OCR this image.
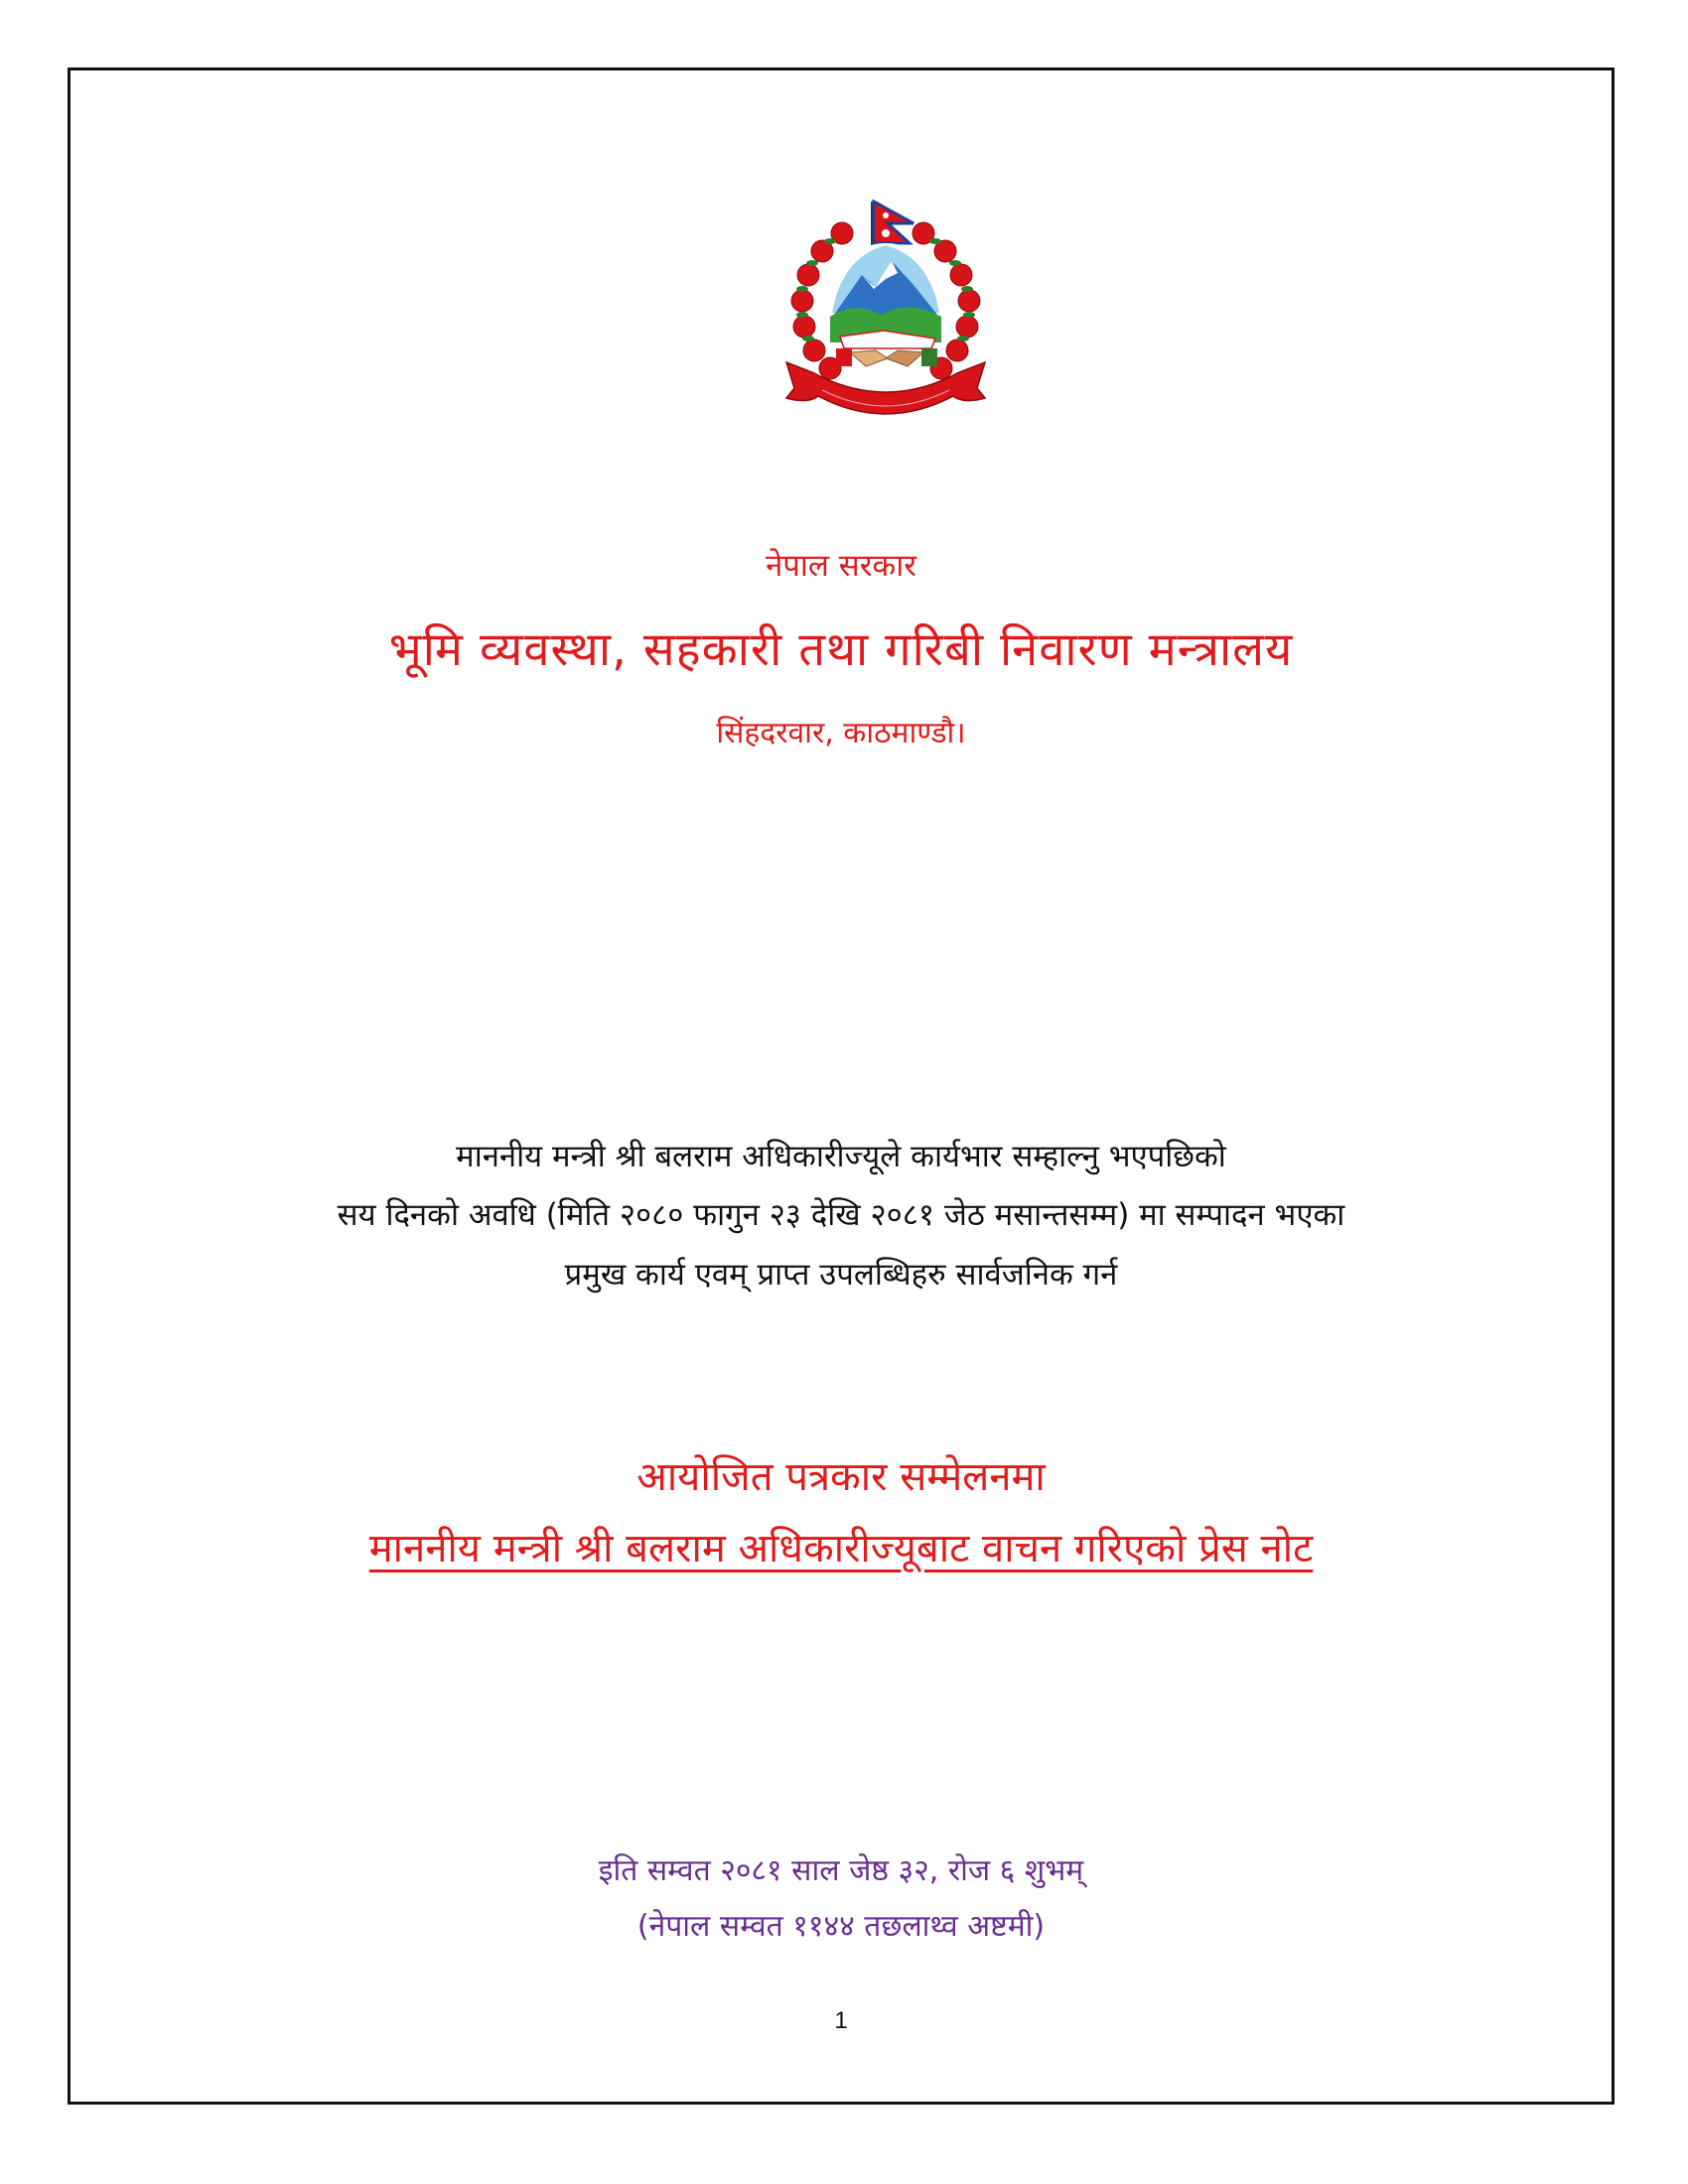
नेपाल सरकार
भूमि व्यवस्था, सहकारी तथा गरिबी निवारण मन्त्रालय
सिंहदरवार, काठमाण्डौ।
माननीय मन्त्री श्री बलराम अधिकारीज्यूले कार्यभार सम्हाल्नु भएपछिको
सय दिनको अवधि (मिति २०८० फागुन २३ देखि २०८१ जेठ मसान्तसम्म) मा सम्पादन भएका
प्रमुख कार्य एवम् प्राप्त उपलब्धिहरु सार्वजनिक गर्न
आयोजित पत्रकार सम्मेलनमा
माननीय मन्त्री श्री बलराम अधिकारीज्यूबाट वाचन गरिएको प्रेस नोट
इति सम्वत २०८१ साल जेष्ठ ३२, रोज ६ शुभम्
(नेपाल सम्वत ११४४ तछलाथ्व अष्टमी)
1
